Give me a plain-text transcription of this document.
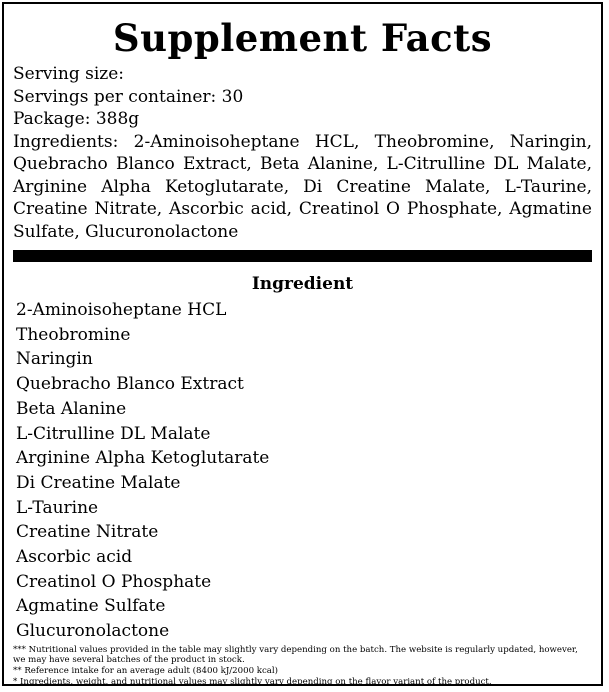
Supplement Facts
Serving size:
Servings per container: 30
Package: 388g
Ingredients: 2-Aminoisoheptane HCL, Theobromine, Naringin, Quebracho Blanco Extract, Beta Alanine, L-Citrulline DL Malate, Arginine Alpha Ketoglutarate, Di Creatine Malate, L-Taurine, Creatine Nitrate, Ascorbic acid, Creatinol O Phosphate, Agmatine Sulfate, Glucuronolactone
Ingredient
2-Aminoisoheptane HCL
Theobromine
Naringin
Quebracho Blanco Extract
Beta Alanine
L-Citrulline DL Malate
Arginine Alpha Ketoglutarate
Di Creatine Malate
L-Taurine
Creatine Nitrate
Ascorbic acid
Creatinol O Phosphate
Agmatine Sulfate
Glucuronolactone
*** Nutritional values provided in the table may slightly vary depending on the batch. The website is regularly updated, however, we may have several batches of the product in stock.
** Reference intake for an average adult (8400 kJ/2000 kcal)
* Ingredients, weight, and nutritional values may slightly vary depending on the flavor variant of the product.
